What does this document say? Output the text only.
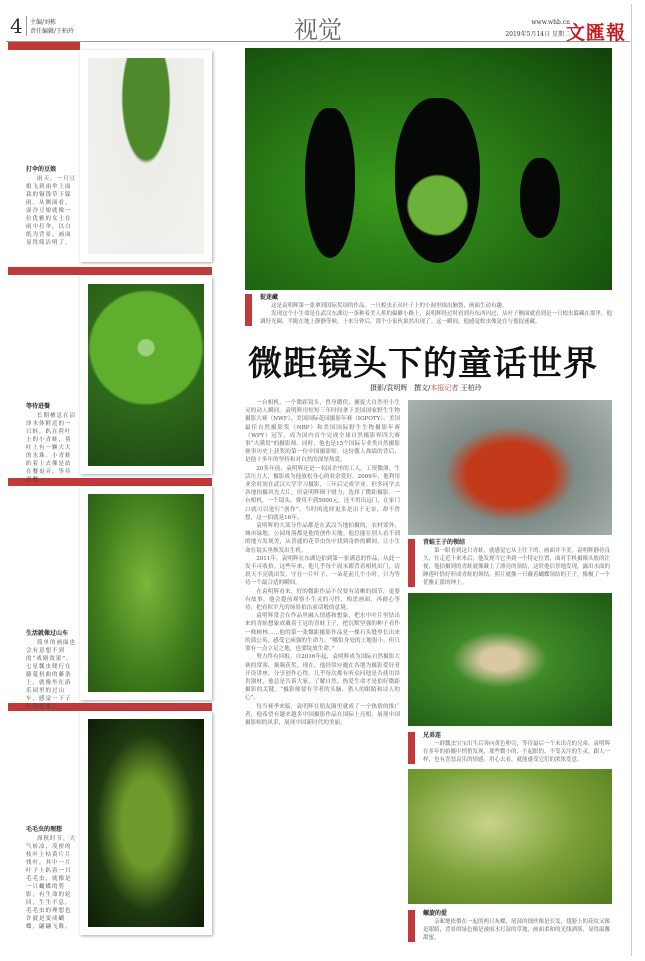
4 主编/刘栋
责任编辑/王柏玲	视觉	www.whb.cn
2019年5月14日 星期二
文匯報
打伞的豆娘

雨天，一只豆娘飞到雨伞上面栽的铜钱草下躲雨。从侧面看，湿冷豆娘就像一位优雅的女士在雨中打伞，以白纸为背景，画面显得简洁明了。

等待进餐

长期栖息在沼泽水体附近的一只蛙，趴在荷叶上的小青蛙，荷叶上有一颗大大的水珠。小青蛙趴着上去像是站在餐桌旁，等待进餐。

生活就像过山车

简单的画面也会有意想不到的“戏剧效果”。七星瓢虫爬行在藤蔓扭曲的藤条上，就像坐在游乐园里的过山车，感觉一下子生动起来。

毛毛虫的理想

深秋时节，天气转凉，茂密的枝叶上枯黄片片残叶，其中一片叶子上趴着一只毛毛虫，就像是一只蝴蝶的剪影，有生命的轮回，生生不息，毛毛虫的理想也许就是变成蝴蝶，翩翩飞舞。

捉迷藏

这是袁明辉第一张拿到国际奖项的作品。一只蝗虫正从叶子上的小洞里探出脑袋，画面生动有趣。

发现这个小生命是在武汉东湖边一条种着美人蕉的偏僻小路上，袁明辉经过时看到有东西闪过，从叶子侧面就看到是一只蝗虫躲藏在那里。他调好光圈，半跪在地上静静等候，十来分钟后，那个小家伙果然出现了。这一瞬间，他感觉蝗虫像是在与他捉迷藏。

微距镜头下的童话世界
摄影/袁明辉 撰文/本报记者 王柏玲

一台相机，一个微距镜头，曾身蹲伏，捕捉大自然里小生灵的动人瞬间。袁明辉用短短三年时间拿下美国国家野生生物摄影大赛（NWF）、美国国际花园摄影年赛（IGPOTY）、美国最佳自然摄影奖（NBP）和美国国际野生生物摄影年赛（WPY）冠军，成为国内首个完成全球自然摄影界四大赛事“大满贯”的摄影师。同时，他也是15个国际专业类自然摄影赛事历史上获奖的第一位中国摄影师。这份傲人战绩的背后，是他十多年的坚持和对自然的深厚热爱。

20多年前，袁明辉还是一名国企里的工人，工资微薄，生活压力大，摄影成为他放松身心的业余爱好。2009年，他利用业余时间在武汉大学学习摄影，三年后完成学业。但多同学去各地拍摄风光大片，但袁明辉囿于财力，选择了微距摄影。一台相机，一个镜头，费用不到5000元，还不用出远门，在家门口就可以进行“创作”。当时的选择更多是出于无奈，却不曾想，这一拍就是16年。

袁明辉的大部分作品都是在武汉当地拍摄的，农村郊外、城市绿地、公园角落都是他的创作天地。他总能在别人看不到的地方发现美，从普通的花草虫鱼中找到奇妙的瞬间，让小生命在镜头里焕发出生机。

2011年，袁明辉在东湖边拍到第一张满意的作品，从此一发不可收拾。这些年来，他几乎每个周末都背着相机出门，清晨天不亮就出发，守在一片叶子、一朵花前几个小时，只为等待一个最合适的瞬间。

在袁明辉看来，好的微距作品不仅要有清晰的细节，更要有故事。他会提前观察小生灵的习性，构思画面，再耐心等待，把看似平凡的场景拍出童话般的意境。

袁明辉常会在作品里融入情感和想象，把水中叶片里钻出来的青蛙想象成戴着王冠的青蛙王子，把沉默坚强的种子看作一株树林……他的第一张微距摄影作品是一棵石头缝里长出来的蒲公英，感受它顽强的生命力。“哪怕身处的土地很小，但只要有一点立足之地，也要绽放生命。”

努力终有回报。自2016年起，袁明辉成为国际自然摄影大赛的常客，频频获奖。现在，他经常应邀在各地为摄影爱好者开设讲座，分享创作心得。几乎每次都有听众问他是否使用昂贵器材，他总是告诉大家，了解自然、热爱生命才是拍好微距摄影的关键。“摄影师要有学者的头脑、猎人的眼睛和诗人的心”。

每当赛季来临，袁明辉在朋友圈里就成了一个热情的推广者，他希望有越来越多中国摄影作品在国际上亮相，展现中国摄影师的风采，展现中国新时代的美丽。

青蛙王子的领结

第一眼看到这只青蛙，就感觉它从上往下的，画面并不美。袁明辉静待良久，在走近十来米后，他发现当它坐到一个特定位置，面对手机摄像头般的注视，他拍摄到的青蛙就像戴上了漂亮的领结，这时他信誉地发现，露出水面的睡莲叶恰好形成青蛙的领结，照片就像一只戴着蝴蝶领结的王子，像极了一个优雅正派的绅士。

兄弟连

一群瓢虫宝宝出生后奔向黄色卵壳，等待最后一个未出壳的兄弟。袁明辉在多年的拍摄中悄悄发现，那些微小的、不起眼的、不受关注的生灵，跟人一样，也有喜怒哀乐的情感。用心去看，就能感受它们的浓浓爱意。

螺旋的爱

亲昵地依偎在一起的两只灰蝶，尾部的细丝像是长发，翅膀上的花纹又像是眼睛，背景的绿色像是被雨水打湿的草地，画面柔和的光线洒落，显得温馨甜蜜。
